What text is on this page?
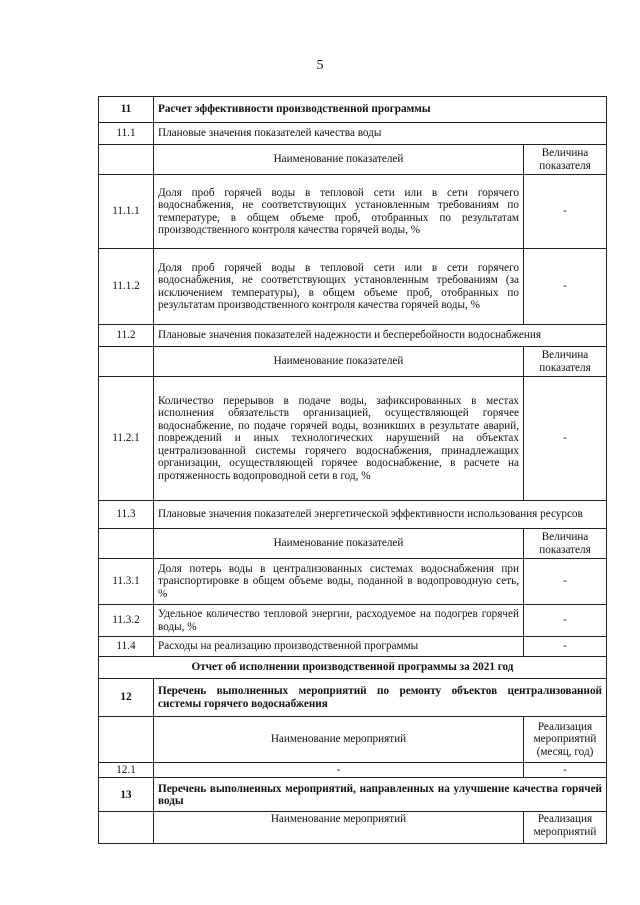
5
11	Расчет эффективности производственной программы	
11.1	Плановые значения показателей качества воды	
	Наименование показателей	Величина показателя
11.1.1	Доля проб горячей воды в тепловой сети или в сети горячего водоснабжения, не соответствующих установленным требованиям по температуре, в общем объеме проб, отобранных по результатам производственного контроля качества горячей воды, %	-
11.1.2	Доля проб горячей воды в тепловой сети или в сети горячего водоснабжения, не соответствующих установленным требованиям (за исключением температуры), в общем объеме проб, отобранных по результатам производственного контроля качества горячей воды, %	-
11.2	Плановые значения показателей надежности и бесперебойности водоснабжения	
	Наименование показателей	Величина показателя
11.2.1	Количество перерывов в подаче воды, зафиксированных в местах исполнения обязательств организацией, осуществляющей горячее водоснабжение, по подаче горячей воды, возникших в результате аварий, повреждений и иных технологических нарушений на объектах централизованной системы горячего водоснабжения, принадлежащих организации, осуществляющей горячее водоснабжение, в расчете на протяженность водопроводной сети в год, %	-
11.3	Плановые значения показателей энергетической эффективности использования ресурсов	
	Наименование показателей	Величина показателя
11.3.1	Доля потерь воды в централизованных системах водоснабжения при транспортировке в общем объеме воды, поданной в водопроводную сеть, %	-
11.3.2	Удельное количество тепловой энергии, расходуемое на подогрев горячей воды, %	-
11.4	Расходы на реализацию производственной программы	-
Отчет об исполнении производственной программы за 2021 год		
12	Перечень выполненных мероприятий по ремонту объектов централизованной системы горячего водоснабжения	
	Наименование мероприятий	Реализация мероприятий (месяц, год)
12.1	-	-
13	Перечень выполненных мероприятий, направленных на улучшение качества горячей воды	
	Наименование мероприятий	Реализация мероприятий
